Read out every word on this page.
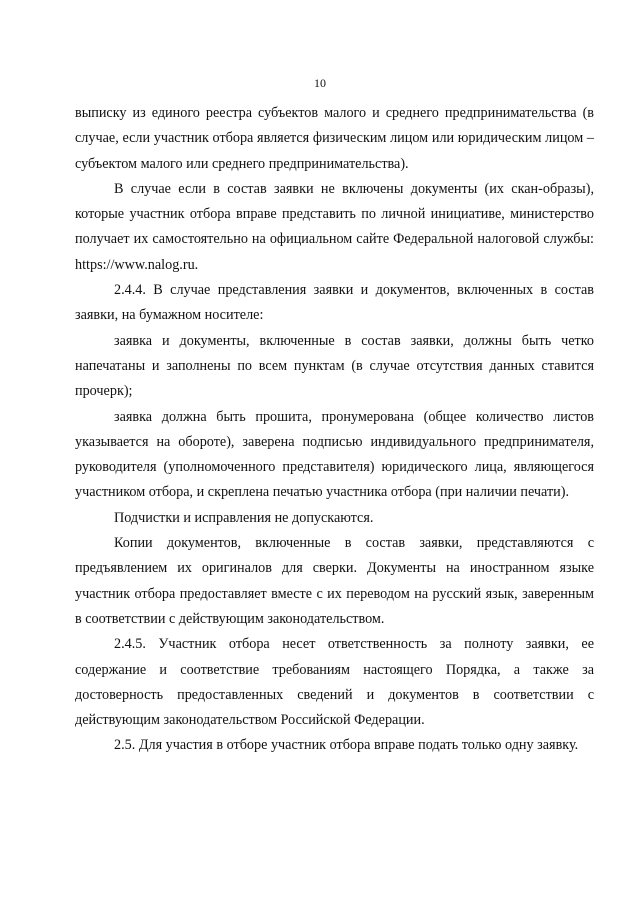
10

выписку из единого реестра субъектов малого и среднего предпринимательства (в случае, если участник отбора является физическим лицом или юридическим лицом – субъектом малого или среднего предпринимательства).

В случае если в состав заявки не включены документы (их скан-образы), которые участник отбора вправе представить по личной инициативе, министерство получает их самостоятельно на официальном сайте Федеральной налоговой службы: https://www.nalog.ru.

2.4.4. В случае представления заявки и документов, включенных в состав заявки, на бумажном носителе:

заявка и документы, включенные в состав заявки, должны быть четко напечатаны и заполнены по всем пунктам (в случае отсутствия данных ставится прочерк);

заявка должна быть прошита, пронумерована (общее количество листов указывается на обороте), заверена подписью индивидуального предпринимателя, руководителя (уполномоченного представителя) юридического лица, являющегося участником отбора, и скреплена печатью участника отбора (при наличии печати).

Подчистки и исправления не допускаются.

Копии документов, включенные в состав заявки, представляются с предъявлением их оригиналов для сверки. Документы на иностранном языке участник отбора предоставляет вместе с их переводом на русский язык, заверенным в соответствии с действующим законодательством.

2.4.5. Участник отбора несет ответственность за полноту заявки, ее содержание и соответствие требованиям настоящего Порядка, а также за достоверность предоставленных сведений и документов в соответствии с действующим законодательством Российской Федерации.

2.5. Для участия в отборе участник отбора вправе подать только одну заявку.
